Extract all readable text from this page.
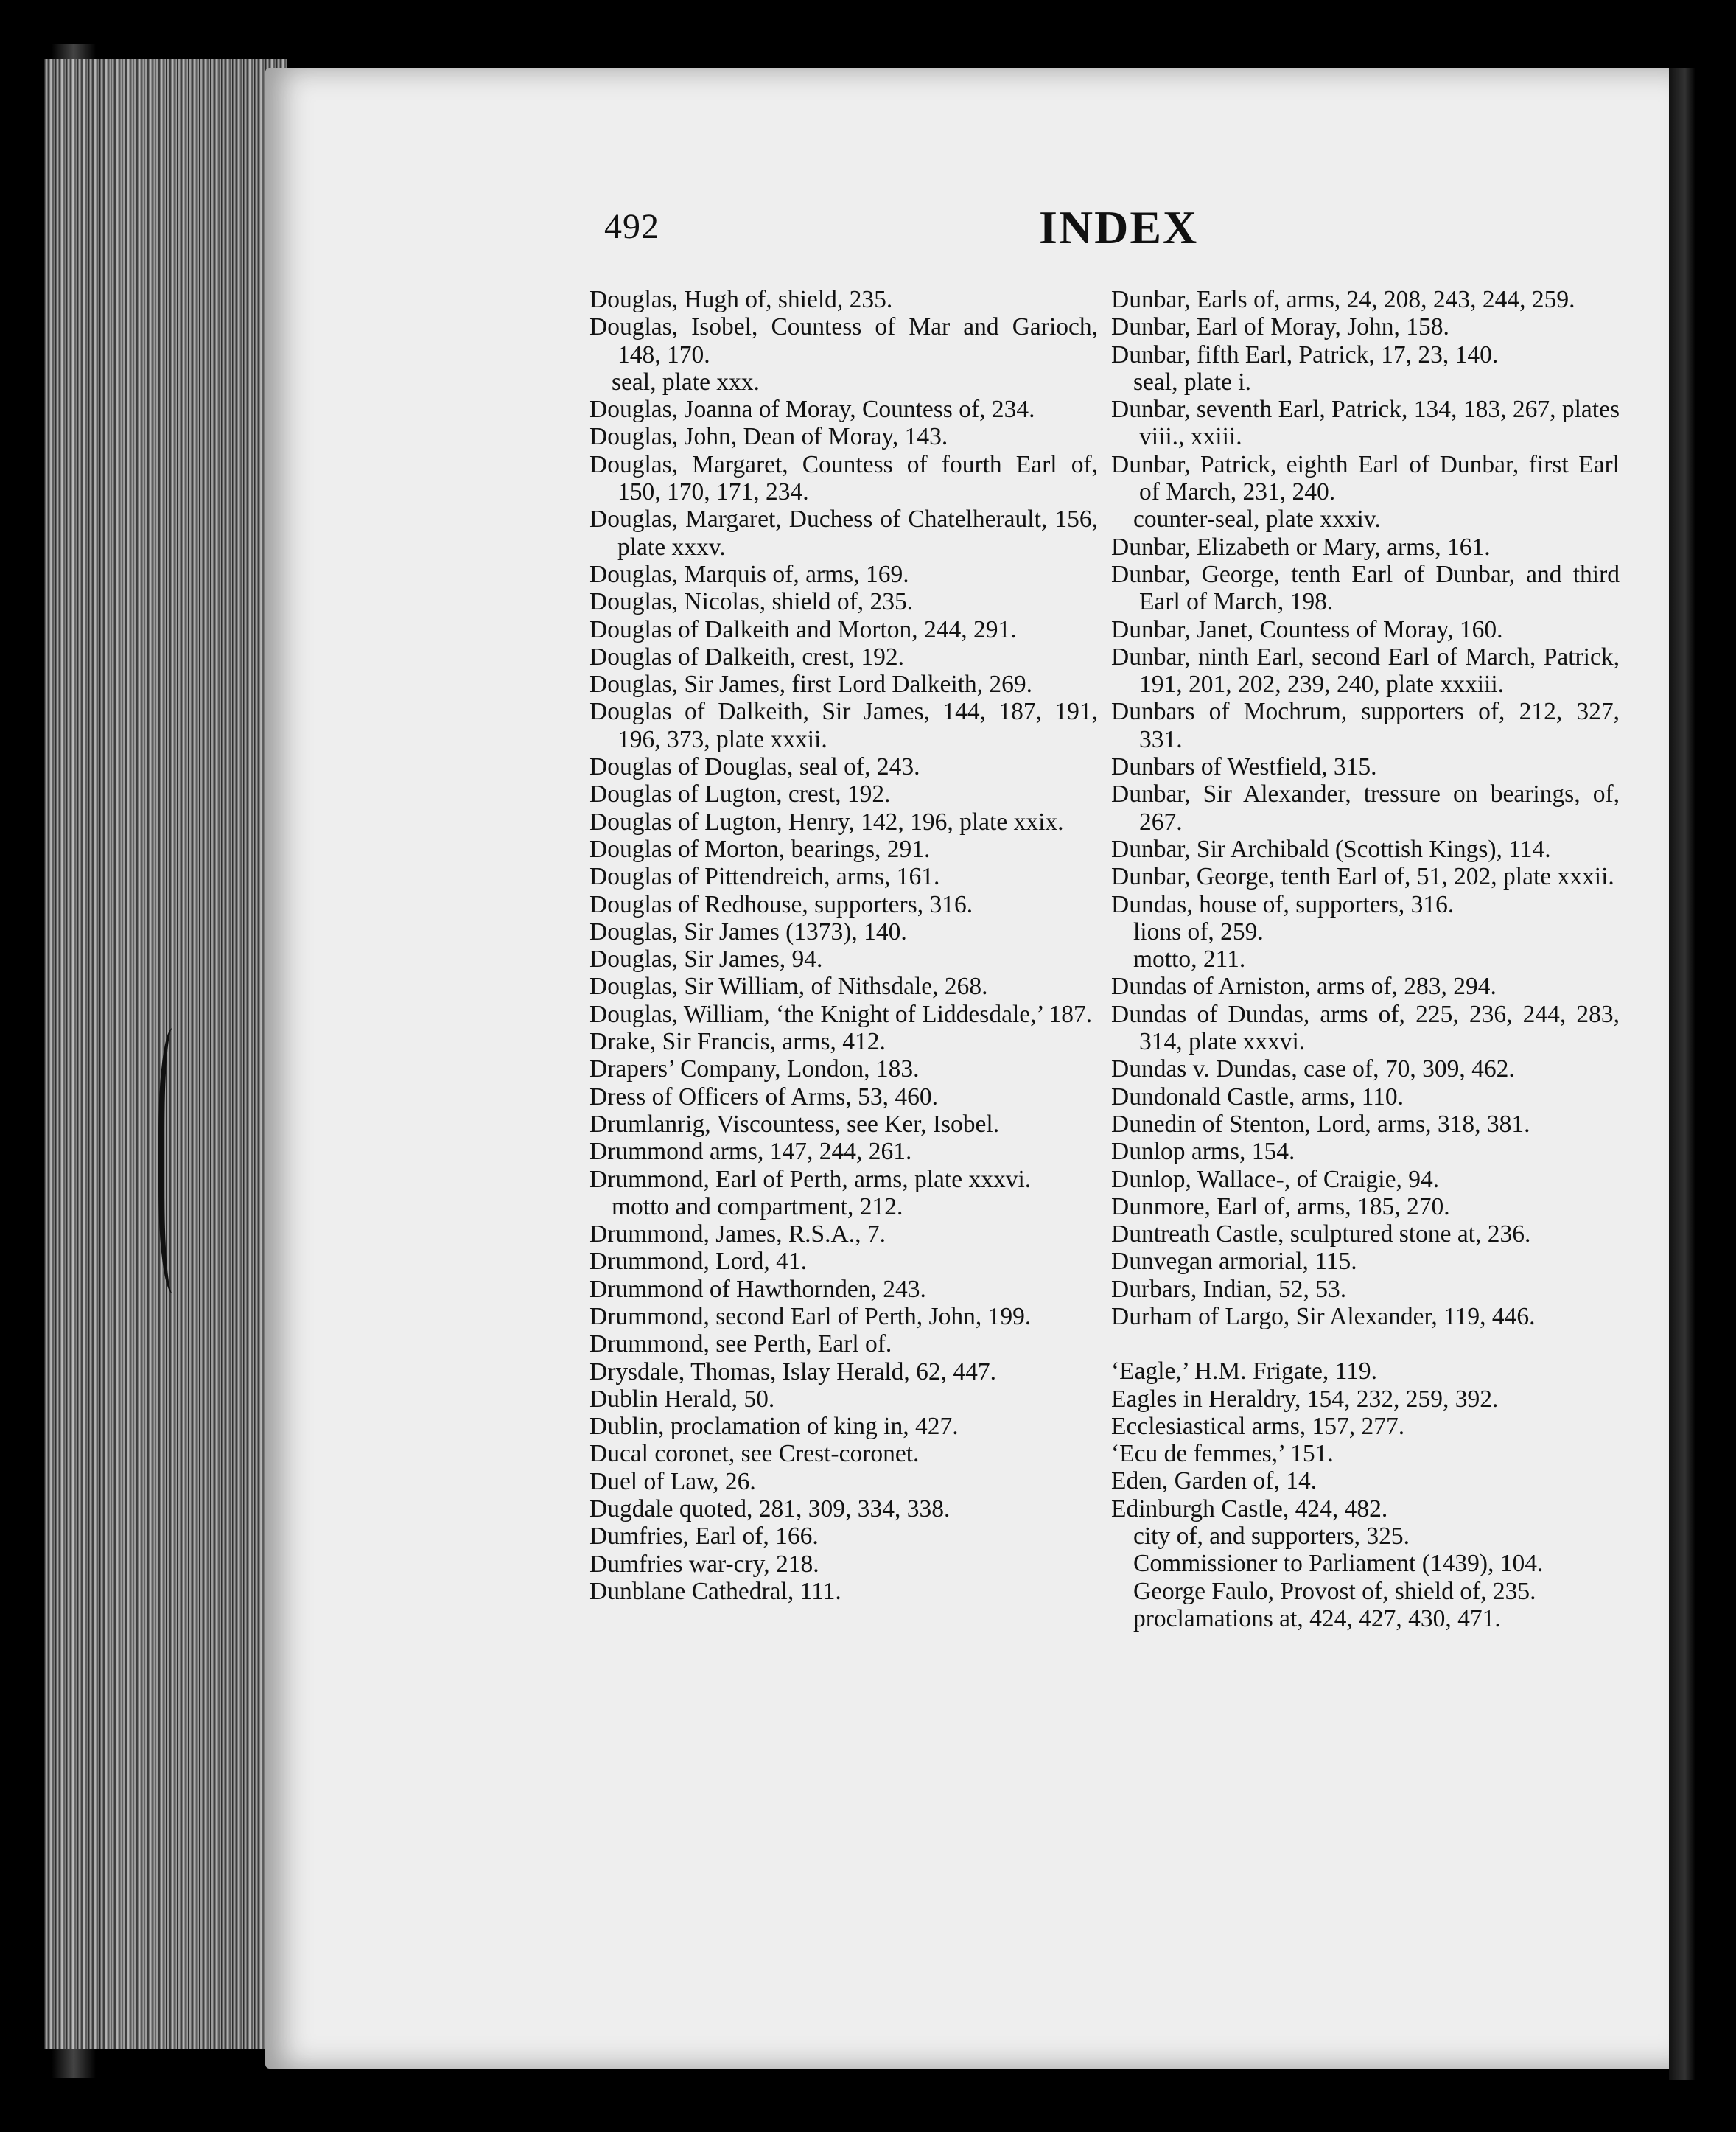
492	INDEX
Douglas, Hugh of, shield, 235.
Douglas, Isobel, Countess of Mar and Garioch, 148, 170.
seal, plate xxx.
Douglas, Joanna of Moray, Countess of, 234.
Douglas, John, Dean of Moray, 143.
Douglas, Margaret, Countess of fourth Earl of, 150, 170, 171, 234.
Douglas, Margaret, Duchess of Chatelherault, 156, plate xxxv.
Douglas, Marquis of, arms, 169.
Douglas, Nicolas, shield of, 235.
Douglas of Dalkeith and Morton, 244, 291.
Douglas of Dalkeith, crest, 192.
Douglas, Sir James, first Lord Dalkeith, 269.
Douglas of Dalkeith, Sir James, 144, 187, 191, 196, 373, plate xxxii.
Douglas of Douglas, seal of, 243.
Douglas of Lugton, crest, 192.
Douglas of Lugton, Henry, 142, 196, plate xxix.
Douglas of Morton, bearings, 291.
Douglas of Pittendreich, arms, 161.
Douglas of Redhouse, supporters, 316.
Douglas, Sir James (1373), 140.
Douglas, Sir James, 94.
Douglas, Sir William, of Nithsdale, 268.
Douglas, William, ‘the Knight of Liddesdale,’ 187.
Drake, Sir Francis, arms, 412.
Drapers’ Company, London, 183.
Dress of Officers of Arms, 53, 460.
Drumlanrig, Viscountess, see Ker, Isobel.
Drummond arms, 147, 244, 261.
Drummond, Earl of Perth, arms, plate xxxvi.
motto and compartment, 212.
Drummond, James, R.S.A., 7.
Drummond, Lord, 41.
Drummond of Hawthornden, 243.
Drummond, second Earl of Perth, John, 199.
Drummond, see Perth, Earl of.
Drysdale, Thomas, Islay Herald, 62, 447.
Dublin Herald, 50.
Dublin, proclamation of king in, 427.
Ducal coronet, see Crest-coronet.
Duel of Law, 26.
Dugdale quoted, 281, 309, 334, 338.
Dumfries, Earl of, 166.
Dumfries war-cry, 218.
Dunblane Cathedral, 111.
Dunbar, Earls of, arms, 24, 208, 243, 244, 259.
Dunbar, Earl of Moray, John, 158.
Dunbar, fifth Earl, Patrick, 17, 23, 140.
seal, plate i.
Dunbar, seventh Earl, Patrick, 134, 183, 267, plates viii., xxiii.
Dunbar, Patrick, eighth Earl of Dunbar, first Earl of March, 231, 240.
counter-seal, plate xxxiv.
Dunbar, Elizabeth or Mary, arms, 161.
Dunbar, George, tenth Earl of Dunbar, and third Earl of March, 198.
Dunbar, Janet, Countess of Moray, 160.
Dunbar, ninth Earl, second Earl of March, Patrick, 191, 201, 202, 239, 240, plate xxxiii.
Dunbars of Mochrum, supporters of, 212, 327, 331.
Dunbars of Westfield, 315.
Dunbar, Sir Alexander, tressure on bearings, of, 267.
Dunbar, Sir Archibald (Scottish Kings), 114.
Dunbar, George, tenth Earl of, 51, 202, plate xxxii.
Dundas, house of, supporters, 316.
lions of, 259.
motto, 211.
Dundas of Arniston, arms of, 283, 294.
Dundas of Dundas, arms of, 225, 236, 244, 283, 314, plate xxxvi.
Dundas v. Dundas, case of, 70, 309, 462.
Dundonald Castle, arms, 110.
Dunedin of Stenton, Lord, arms, 318, 381.
Dunlop arms, 154.
Dunlop, Wallace-, of Craigie, 94.
Dunmore, Earl of, arms, 185, 270.
Duntreath Castle, sculptured stone at, 236.
Dunvegan armorial, 115.
Durbars, Indian, 52, 53.
Durham of Largo, Sir Alexander, 119, 446.
‘Eagle,’ H.M. Frigate, 119.
Eagles in Heraldry, 154, 232, 259, 392.
Ecclesiastical arms, 157, 277.
‘Ecu de femmes,’ 151.
Eden, Garden of, 14.
Edinburgh Castle, 424, 482.
city of, and supporters, 325.
Commissioner to Parliament (1439), 104.
George Faulo, Provost of, shield of, 235.
proclamations at, 424, 427, 430, 471.
